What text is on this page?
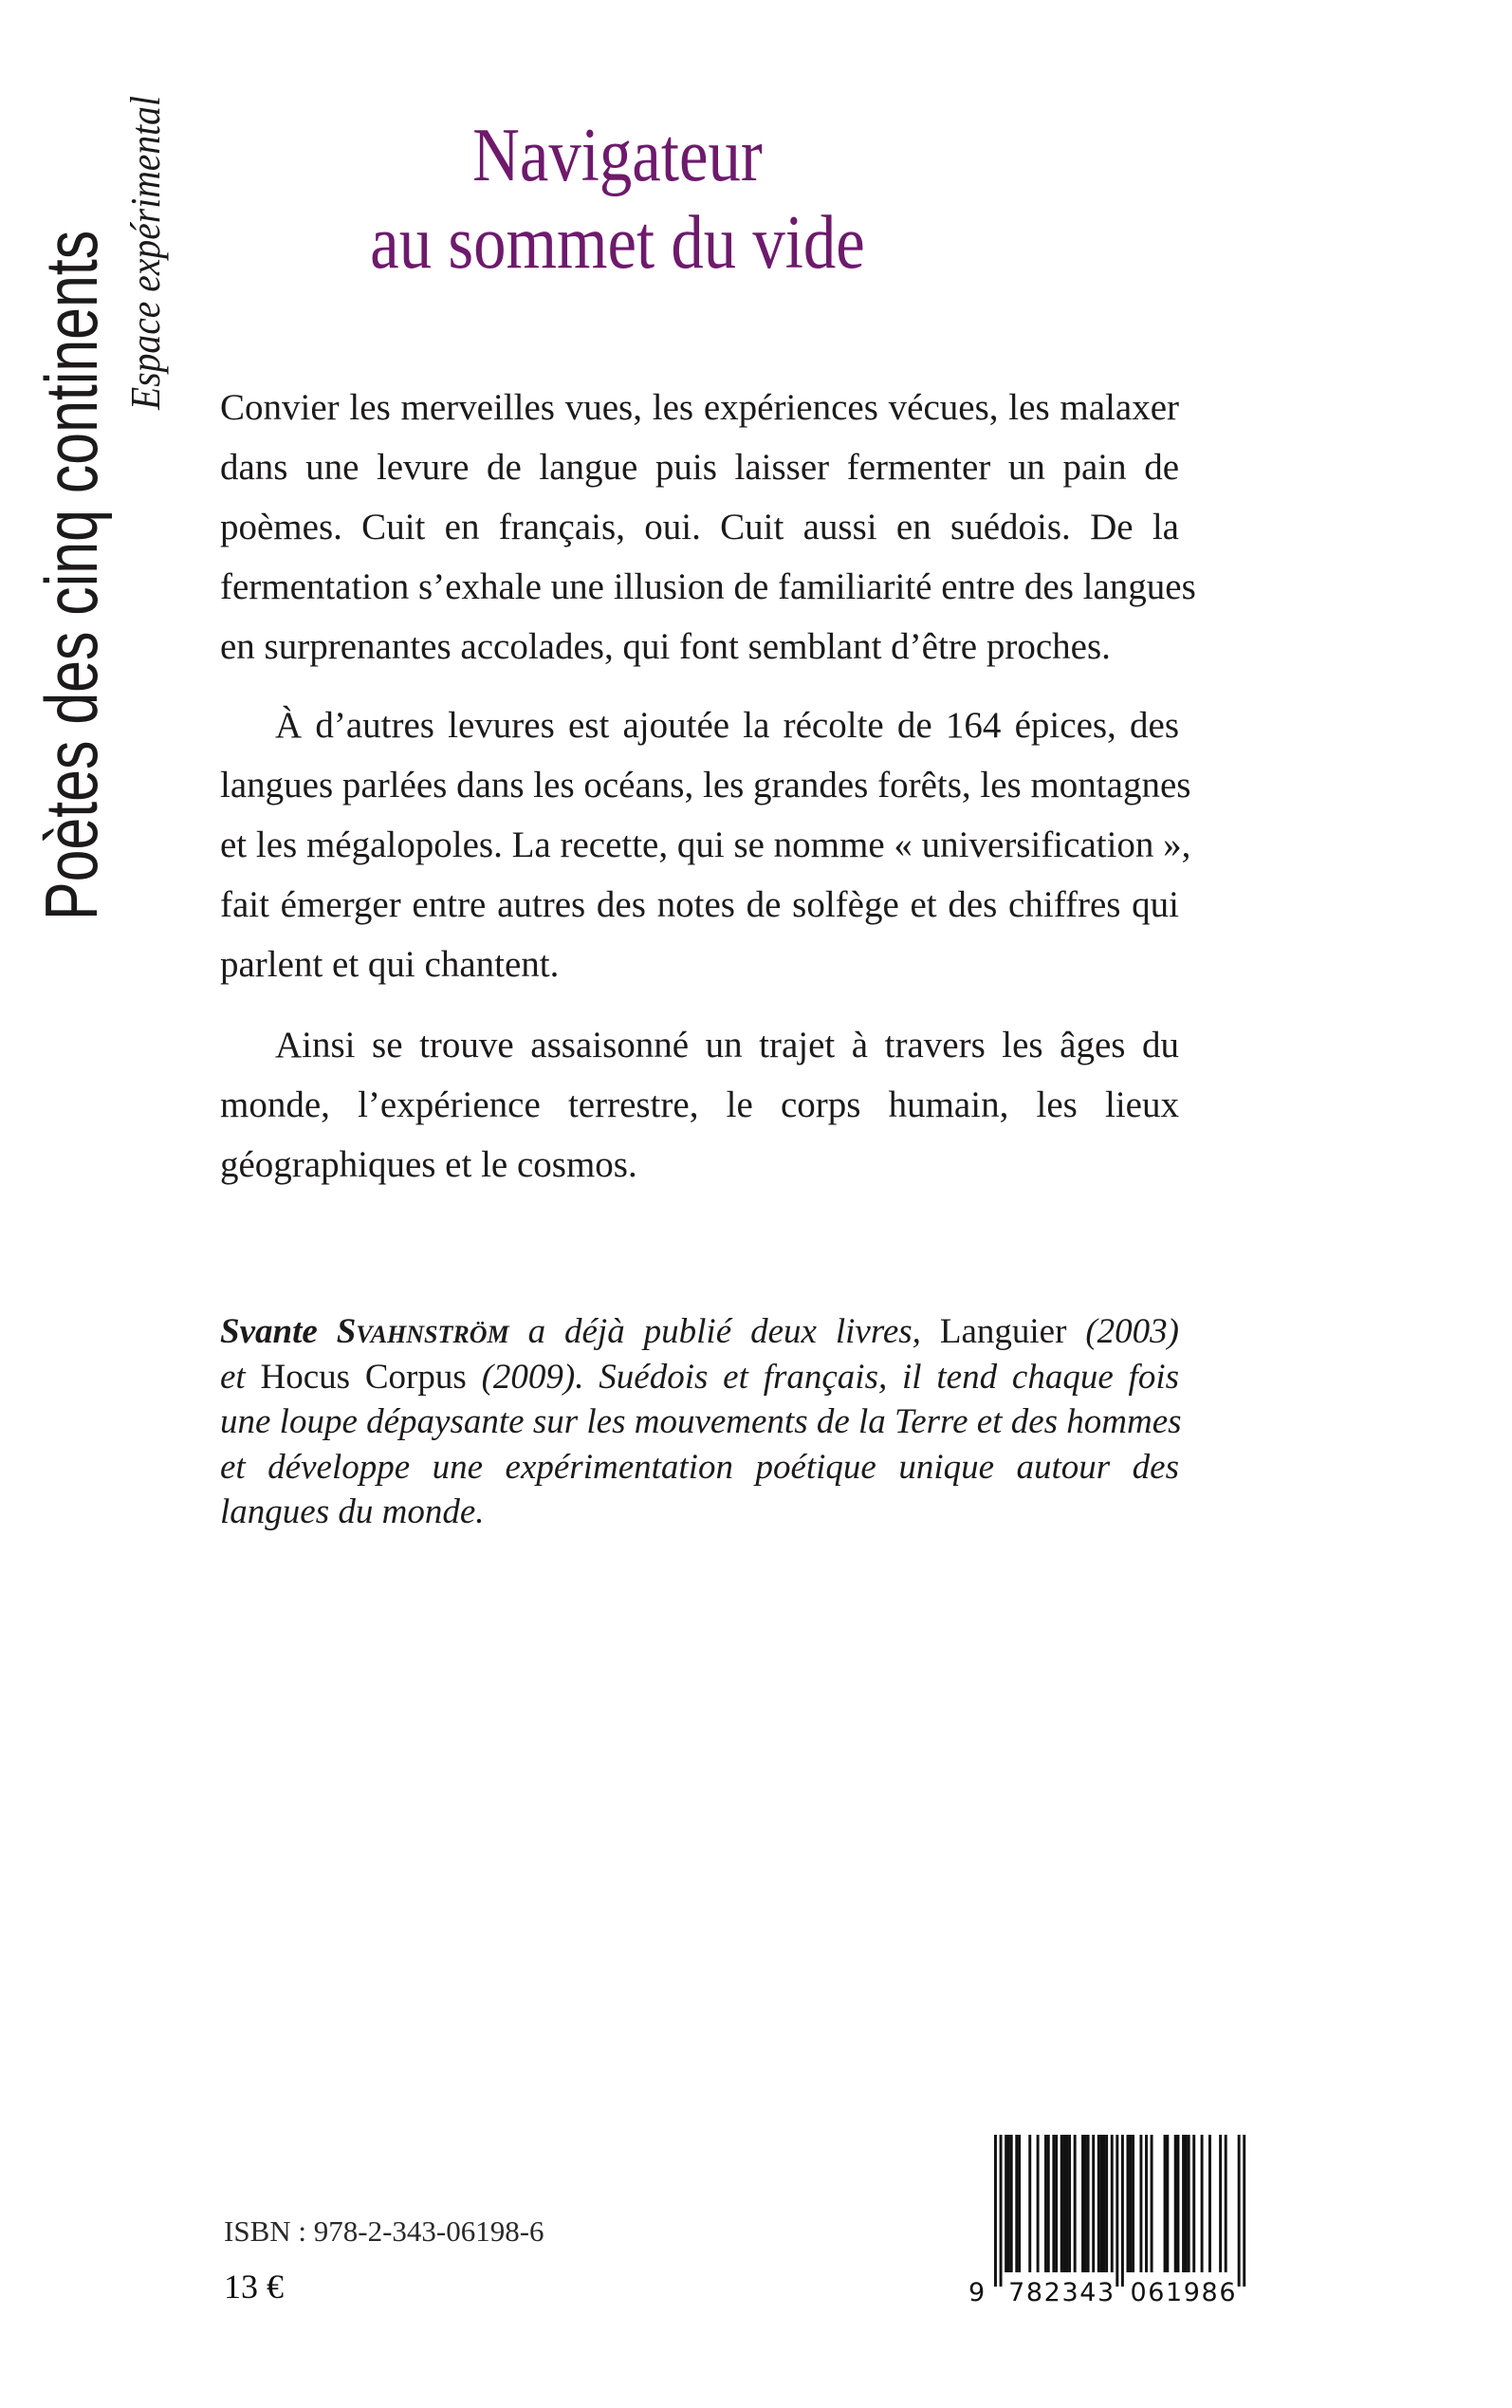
Poètes des cinq continents Espace expérimental	Navigateur
au sommet du vide
Convier les merveilles vues, les expériences vécues, les malaxer
dans une levure de langue puis laisser fermenter un pain de
poèmes. Cuit en français, oui. Cuit aussi en suédois. De la
fermentation s’exhale une illusion de familiarité entre des langues
en surprenantes accolades, qui font semblant d’être proches.
À d’autres levures est ajoutée la récolte de 164 épices, des
langues parlées dans les océans, les grandes forêts, les montagnes
et les mégalopoles. La recette, qui se nomme « universification »,
fait émerger entre autres des notes de solfège et des chiffres qui
parlent et qui chantent.
Ainsi se trouve assaisonné un trajet à travers les âges du
monde, l’expérience terrestre, le corps humain, les lieux
géographiques et le cosmos.
Svante Svahnström a déjà publié deux livres, Languier (2003)
et Hocus Corpus (2009). Suédois et français, il tend chaque fois
une loupe dépaysante sur les mouvements de la Terre et des hommes
et développe une expérimentation poétique unique autour des
langues du monde.
ISBN : 978-2-343-06198-6
13 €	9 782343 061986
